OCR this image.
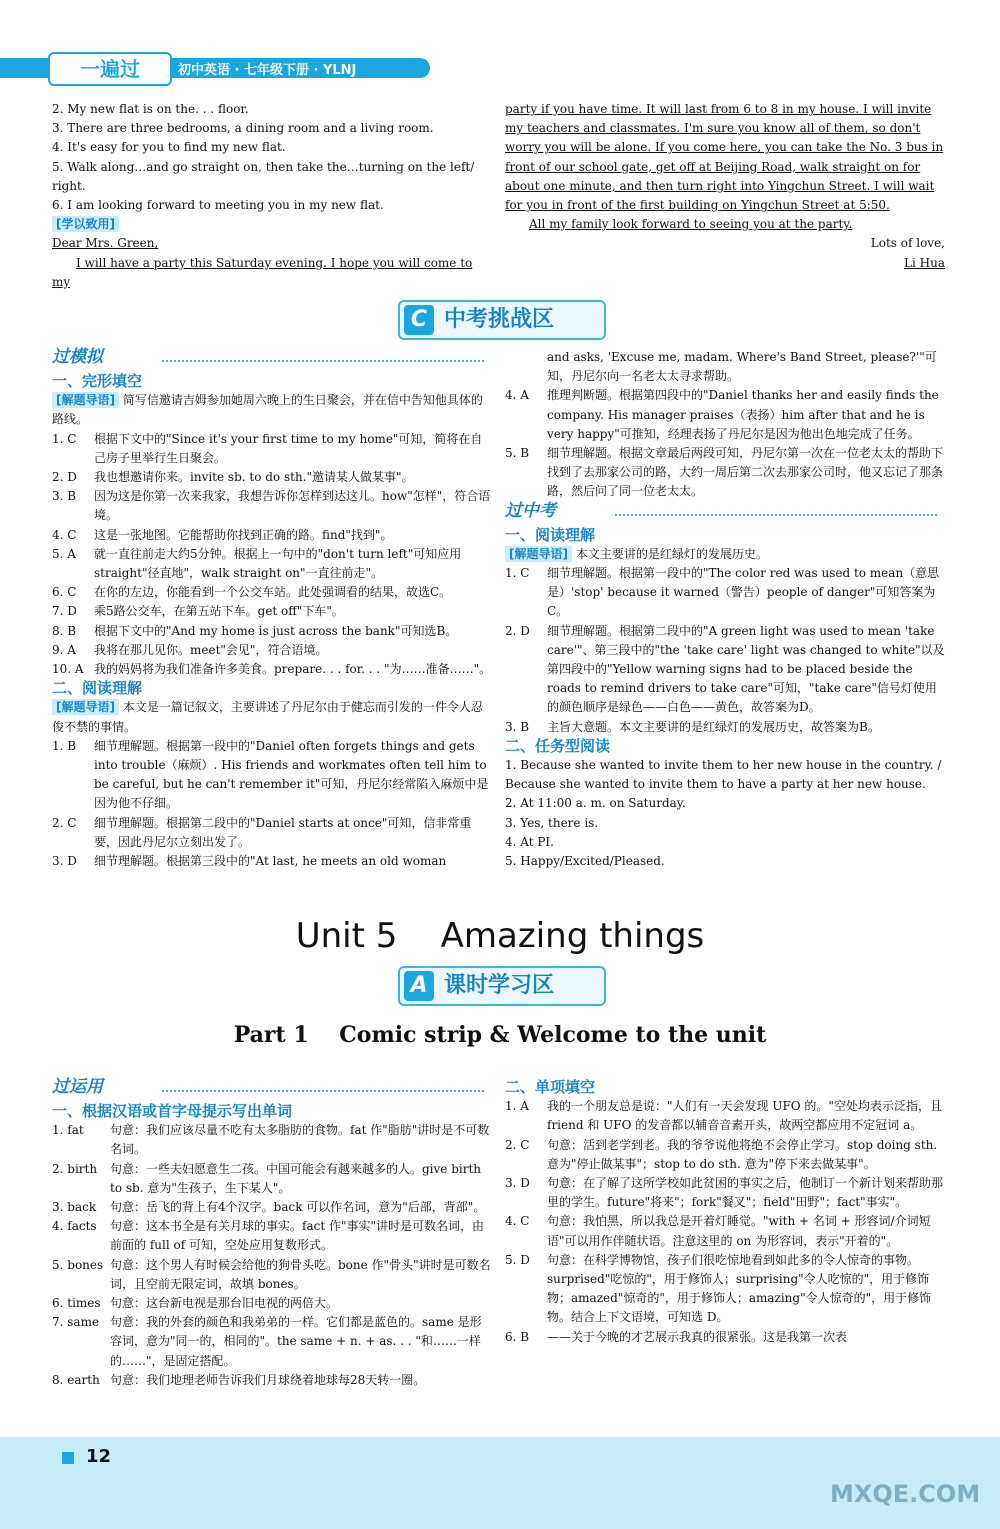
一遍过	初中英语 · 七年级下册 · YLNJ

2. My new flat is on the. . . floor.

3. There are three bedrooms, a dining room and a living room.

4. It's easy for you to find my new flat.

5. Walk along…and go straight on, then take the…turning on the left/ right.

6. I am looking forward to meeting you in my new flat.

[学以致用]

Dear Mrs. Green,

I will have a party this Saturday evening. I hope you will come to my

party if you have time. It will last from 6 to 8 in my house. I will invite my teachers and classmates. I'm sure you know all of them, so don't worry you will be alone. If you come here, you can take the No. 3 bus in front of our school gate, get off at Beijing Road, walk straight on for about one minute, and then turn right into Yingchun Street. I will wait for you in front of the first building on Yingchun Street at 5:50.

All my family look forward to seeing you at the party.

Lots of love,

Li Hua

C 中考挑战区
过模拟

一、完形填空

[解题导语] 简写信邀请吉姆参加她周六晚上的生日聚会，并在信中告知他具体的路线。

1. C 根据下文中的"Since it's your first time to my home"可知，简将在自己房子里举行生日聚会。
2. D 我也想邀请你来。invite sb. to do sth."邀请某人做某事"。
3. B 因为这是你第一次来我家，我想告诉你怎样到达这儿。how"怎样"，符合语境。
4. C 这是一张地图。它能帮助你找到正确的路。find"找到"。
5. A 就一直往前走大约5分钟。根据上一句中的"don't turn left"可知应用 straight"径直地"，walk straight on"一直往前走"。
6. C 在你的左边，你能看到一个公交车站。此处强调看的结果，故选C。
7. D 乘5路公交车，在第五站下车。get off"下车"。
8. B 根据下文中的"And my home is just across the bank"可知选B。
9. A 我将在那儿见你。meet"会见"，符合语境。
10. A 我的妈妈将为我们准备许多美食。prepare. . . for. . . "为……准备……"。

二、阅读理解

[解题导语] 本文是一篇记叙文，主要讲述了丹尼尔由于健忘而引发的一件令人忍俊不禁的事情。

1. B 细节理解题。根据第一段中的"Daniel often forgets things and gets into trouble（麻烦）. His friends and workmates often tell him to be careful, but he can't remember it"可知，丹尼尔经常陷入麻烦中是因为他不仔细。
2. C 细节理解题。根据第二段中的"Daniel starts at once"可知，信非常重要，因此丹尼尔立刻出发了。
3. D 细节理解题。根据第三段中的"At last, he meets an old woman

and asks, 'Excuse me, madam. Where's Band Street, please?'"可知，丹尼尔向一名老太太寻求帮助。

4. A 推理判断题。根据第四段中的"Daniel thanks her and easily finds the company. His manager praises（表扬）him after that and he is very happy"可推知，经理表扬了丹尼尔是因为他出色地完成了任务。
5. B 细节理解题。根据文章最后两段可知，丹尼尔第一次在一位老太太的帮助下找到了去那家公司的路，大约一周后第二次去那家公司时，他又忘记了那条路，然后问了同一位老太太。
过中考

一、阅读理解

[解题导语] 本文主要讲的是红绿灯的发展历史。

1. C 细节理解题。根据第一段中的"The color red was used to mean（意思是）'stop' because it warned（警告）people of danger"可知答案为C。
2. D 细节理解题。根据第二段中的"A green light was used to mean 'take care'"、第三段中的"the 'take care' light was changed to white"以及第四段中的"Yellow warning signs had to be placed beside the roads to remind drivers to take care"可知，"take care"信号灯使用的颜色顺序是绿色——白色——黄色，故答案为D。
3. B 主旨大意题。本文主要讲的是红绿灯的发展历史，故答案为B。

二、任务型阅读

1. Because she wanted to invite them to her new house in the country. / Because she wanted to invite them to have a party at her new house.

2. At 11:00 a. m. on Saturday.

3. Yes, there is.

4. At PI.

5. Happy/Excited/Pleased.

Unit 5    Amazing things
A 课时学习区
Part 1    Comic strip & Welcome to the unit
过运用

一、根据汉语或首字母提示写出单词

1. fat 句意：我们应该尽量不吃有太多脂肪的食物。fat 作"脂肪"讲时是不可数名词。
2. birth 句意：一些夫妇愿意生二孩。中国可能会有越来越多的人。give birth to sb. 意为"生孩子，生下某人"。
3. back 句意：岳飞的背上有4个汉字。back 可以作名词，意为"后部，背部"。
4. facts 句意：这本书全是有关月球的事实。fact 作"事实"讲时是可数名词，由前面的 full of 可知，空处应用复数形式。
5. bones 句意：这个男人有时候会给他的狗骨头吃。bone 作"骨头"讲时是可数名词，且空前无限定词，故填 bones。
6. times 句意：这台新电视是那台旧电视的两倍大。
7. same 句意：我的外套的颜色和我弟弟的一样。它们都是蓝色的。same 是形容词，意为"同一的，相同的"。the same + n. + as. . . "和……一样的……"，是固定搭配。
8. earth 句意：我们地理老师告诉我们月球绕着地球每28天转一圈。

二、单项填空

1. A 我的一个朋友总是说："人们有一天会发现 UFO 的。"空处均表示泛指，且 friend 和 UFO 的发音都以辅音音素开头，故两空都应用不定冠词 a。
2. C 句意：活到老学到老。我的爷爷说他将绝不会停止学习。stop doing sth. 意为"停止做某事"；stop to do sth. 意为"停下来去做某事"。
3. D 句意：在了解了这所学校如此贫困的事实之后，他制订一个新计划来帮助那里的学生。future"将来"；fork"餐叉"；field"田野"；fact"事实"。
4. C 句意：我怕黑，所以我总是开着灯睡觉。"with + 名词 + 形容词/介词短语"可以用作伴随状语。注意这里的 on 为形容词，表示"开着的"。
5. D 句意：在科学博物馆，孩子们很吃惊地看到如此多的令人惊奇的事物。surprised"吃惊的"，用于修饰人；surprising"令人吃惊的"，用于修饰物；amazed"惊奇的"，用于修饰人；amazing"令人惊奇的"，用于修饰物。结合上下文语境，可知选 D。
6. B ——关于今晚的才艺展示我真的很紧张。这是我第一次表
12
MXQE.COM
